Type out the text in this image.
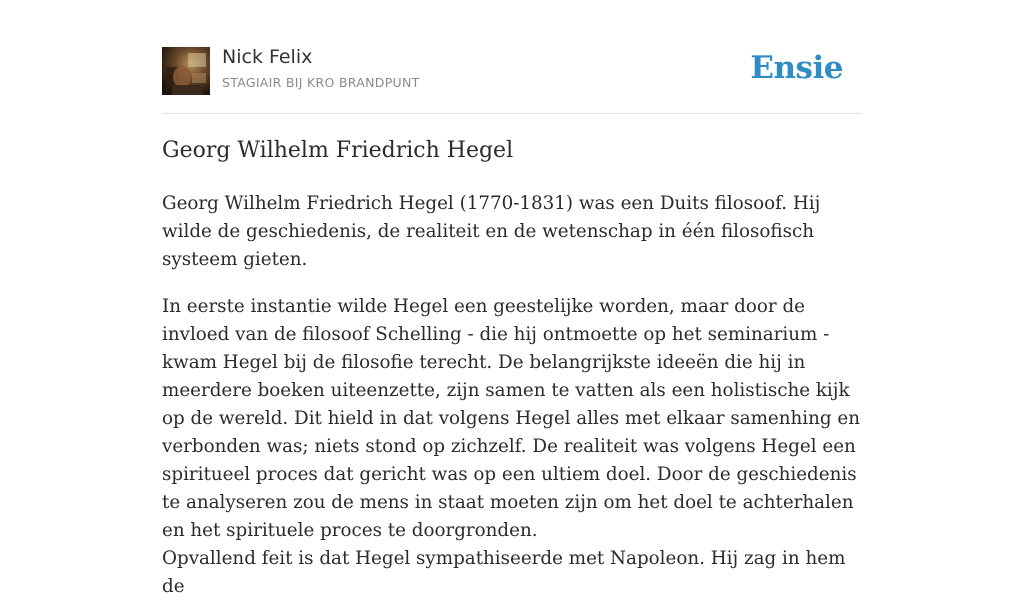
Nick Felix
STAGIAIR BIJ KRO BRANDPUNT	Ensie
Georg Wilhelm Friedrich Hegel

Georg Wilhelm Friedrich Hegel (1770-1831) was een Duits filosoof. Hij wilde de geschiedenis, de realiteit en de wetenschap in één filosofisch systeem gieten.

In eerste instantie wilde Hegel een geestelijke worden, maar door de invloed van de filosoof Schelling - die hij ontmoette op het seminarium - kwam Hegel bij de filosofie terecht. De belangrijkste ideeën die hij in meerdere boeken uiteenzette, zijn samen te vatten als een holistische kijk op de wereld. Dit hield in dat volgens Hegel alles met elkaar samenhing en verbonden was; niets stond op zichzelf. De realiteit was volgens Hegel een spiritueel proces dat gericht was op een ultiem doel. Door de geschiedenis te analyseren zou de mens in staat moeten zijn om het doel te achterhalen en het spirituele proces te doorgronden.

Opvallend feit is dat Hegel sympathiseerde met Napoleon. Hij zag in hem de
